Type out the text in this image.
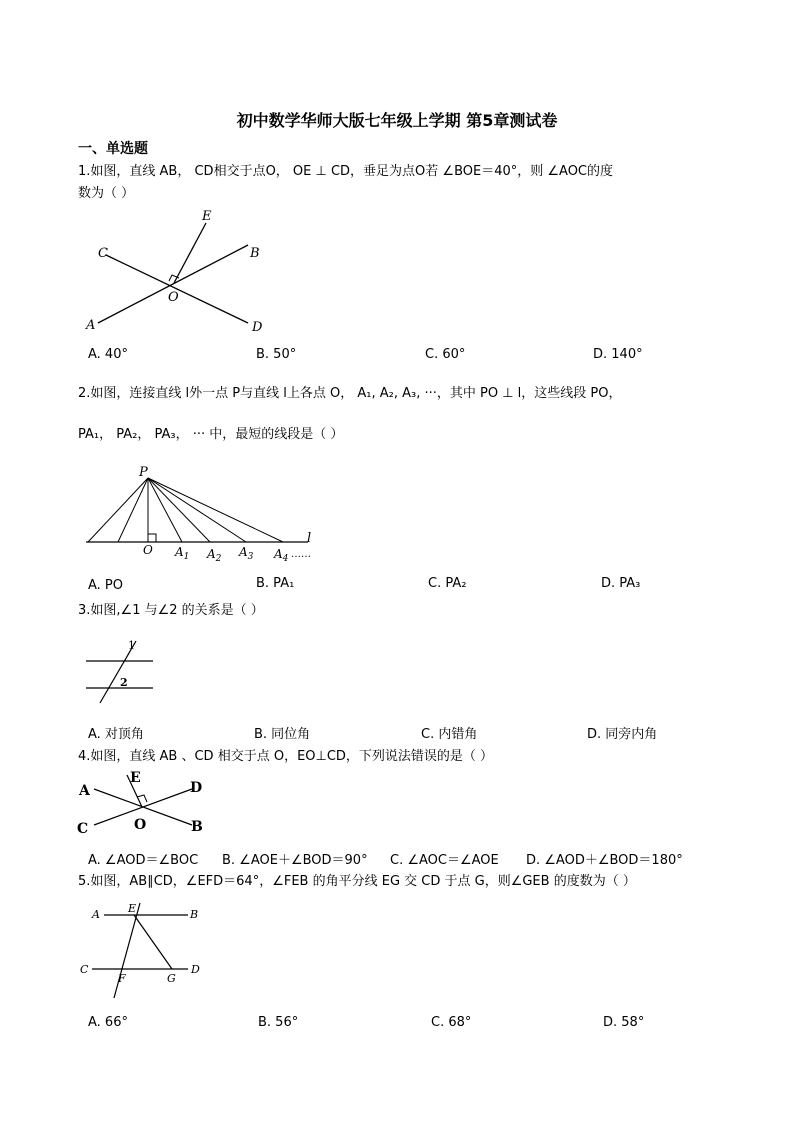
初中数学华师大版七年级上学期 第5章测试卷
一、单选题
1.如图，直线 AB， CD相交于点O， OE ⊥ CD，垂足为点O若 ∠BOE＝40°，则 ∠AOC的度
数为（ ）
E
C	B
O
A	D
A. 40°	B. 50°	C. 60°	D. 140°
2.如图，连接直线 l外一点 P与直线 l上各点 O， A₁, A₂, A₃, ···，其中 PO ⊥ l，这些线段 PO，
PA₁， PA₂， PA₃， ··· 中，最短的线段是（ ）
P
O $A_1$ $A_2$ $A_3$ $A_4$
l
……
A. PO	B. PA₁	C. PA₂	D. PA₃
3.如图,∠1 与∠2 的关系是（ ）
1
2
A. 对顶角	B. 同位角	C. 内错角	D. 同旁内角
4.如图，直线 AB 、CD 相交于点 O，EO⊥CD，下列说法错误的是（ ）
A
E
D
C	O	B
A. ∠AOD＝∠BOC B. ∠AOE＋∠BOD＝90° C. ∠AOC＝∠AOE D. ∠AOD＋∠BOD＝180°
5.如图，AB∥CD，∠EFD＝64°，∠FEB 的角平分线 EG 交 CD 于点 G，则∠GEB 的度数为（ ）
A	E	B
C
F	G
D
A. 66°	B. 56°	C. 68°	D. 58°
